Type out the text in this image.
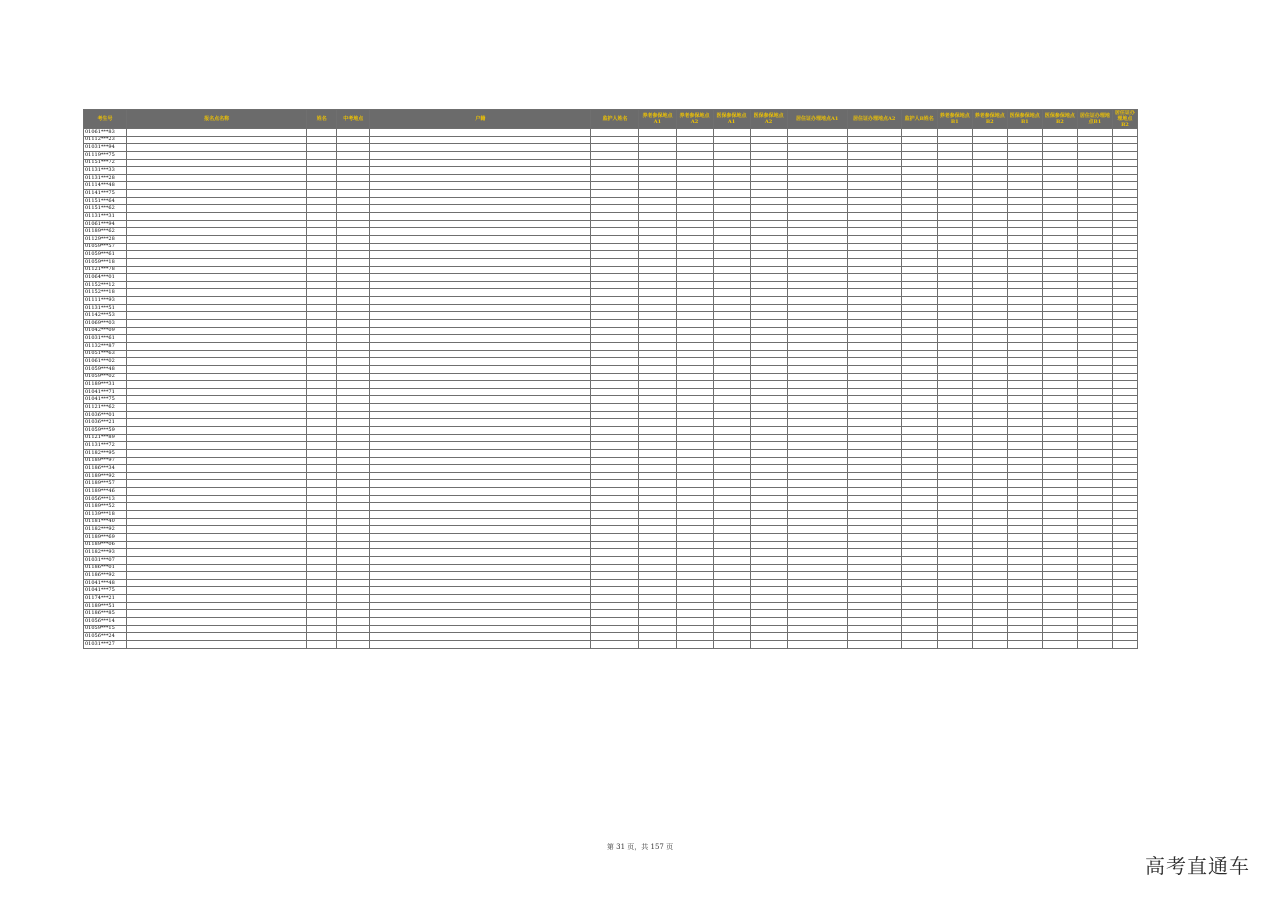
考生号	报名点名称	姓名	中考地点	户籍	监护人姓名	养老参保地点A1	养老参保地点A2	医保参保地点A1	医保参保地点A2	居住证办理地点A1	居住证办理地点A2	监护人B姓名	养老参保地点B1	养老参保地点B2	医保参保地点B1	医保参保地点B2	居住证办理地点B1	居住证办理地点B2
01061***83																		
01112***23																		
01031***94																		
01119***75																		
01151***72																		
01131***33																		
01131***28																		
01114***48																		
01141***75																		
01151***64																		
01151***62																		
01131***31																		
01061***94																		
01189***62																		
01129***28																		
01059***57																		
01059***61																		
01059***18																		
01121***78																		
01064***01																		
01152***12																		
01152***18																		
01111***93																		
01131***51																		
01142***53																		
01069***03																		
01042***09																		
01031***61																		
01132***87																		
01051***63																		
01061***02																		
01059***48																		
01059***02																		
01189***31																		
01041***71																		
01041***75																		
01121***62																		
01036***01																		
01036***21																		
01059***59																		
01121***89																		
01131***72																		
01182***95																		
01189***97																		
01186***34																		
01189***92																		
01189***57																		
01189***46																		
01056***13																		
01189***52																		
01139***18																		
01181***40																		
01182***92																		
01189***69																		
01189***06																		
01182***93																		
01031***07																		
01186***01																		
01186***92																		
01041***48																		
01041***75																		
01174***21																		
01189***51																		
01186***85																		
01056***14																		
01059***15																		
01056***24																		
01031***27																		
第 31 页，共 157 页
高考直通车
